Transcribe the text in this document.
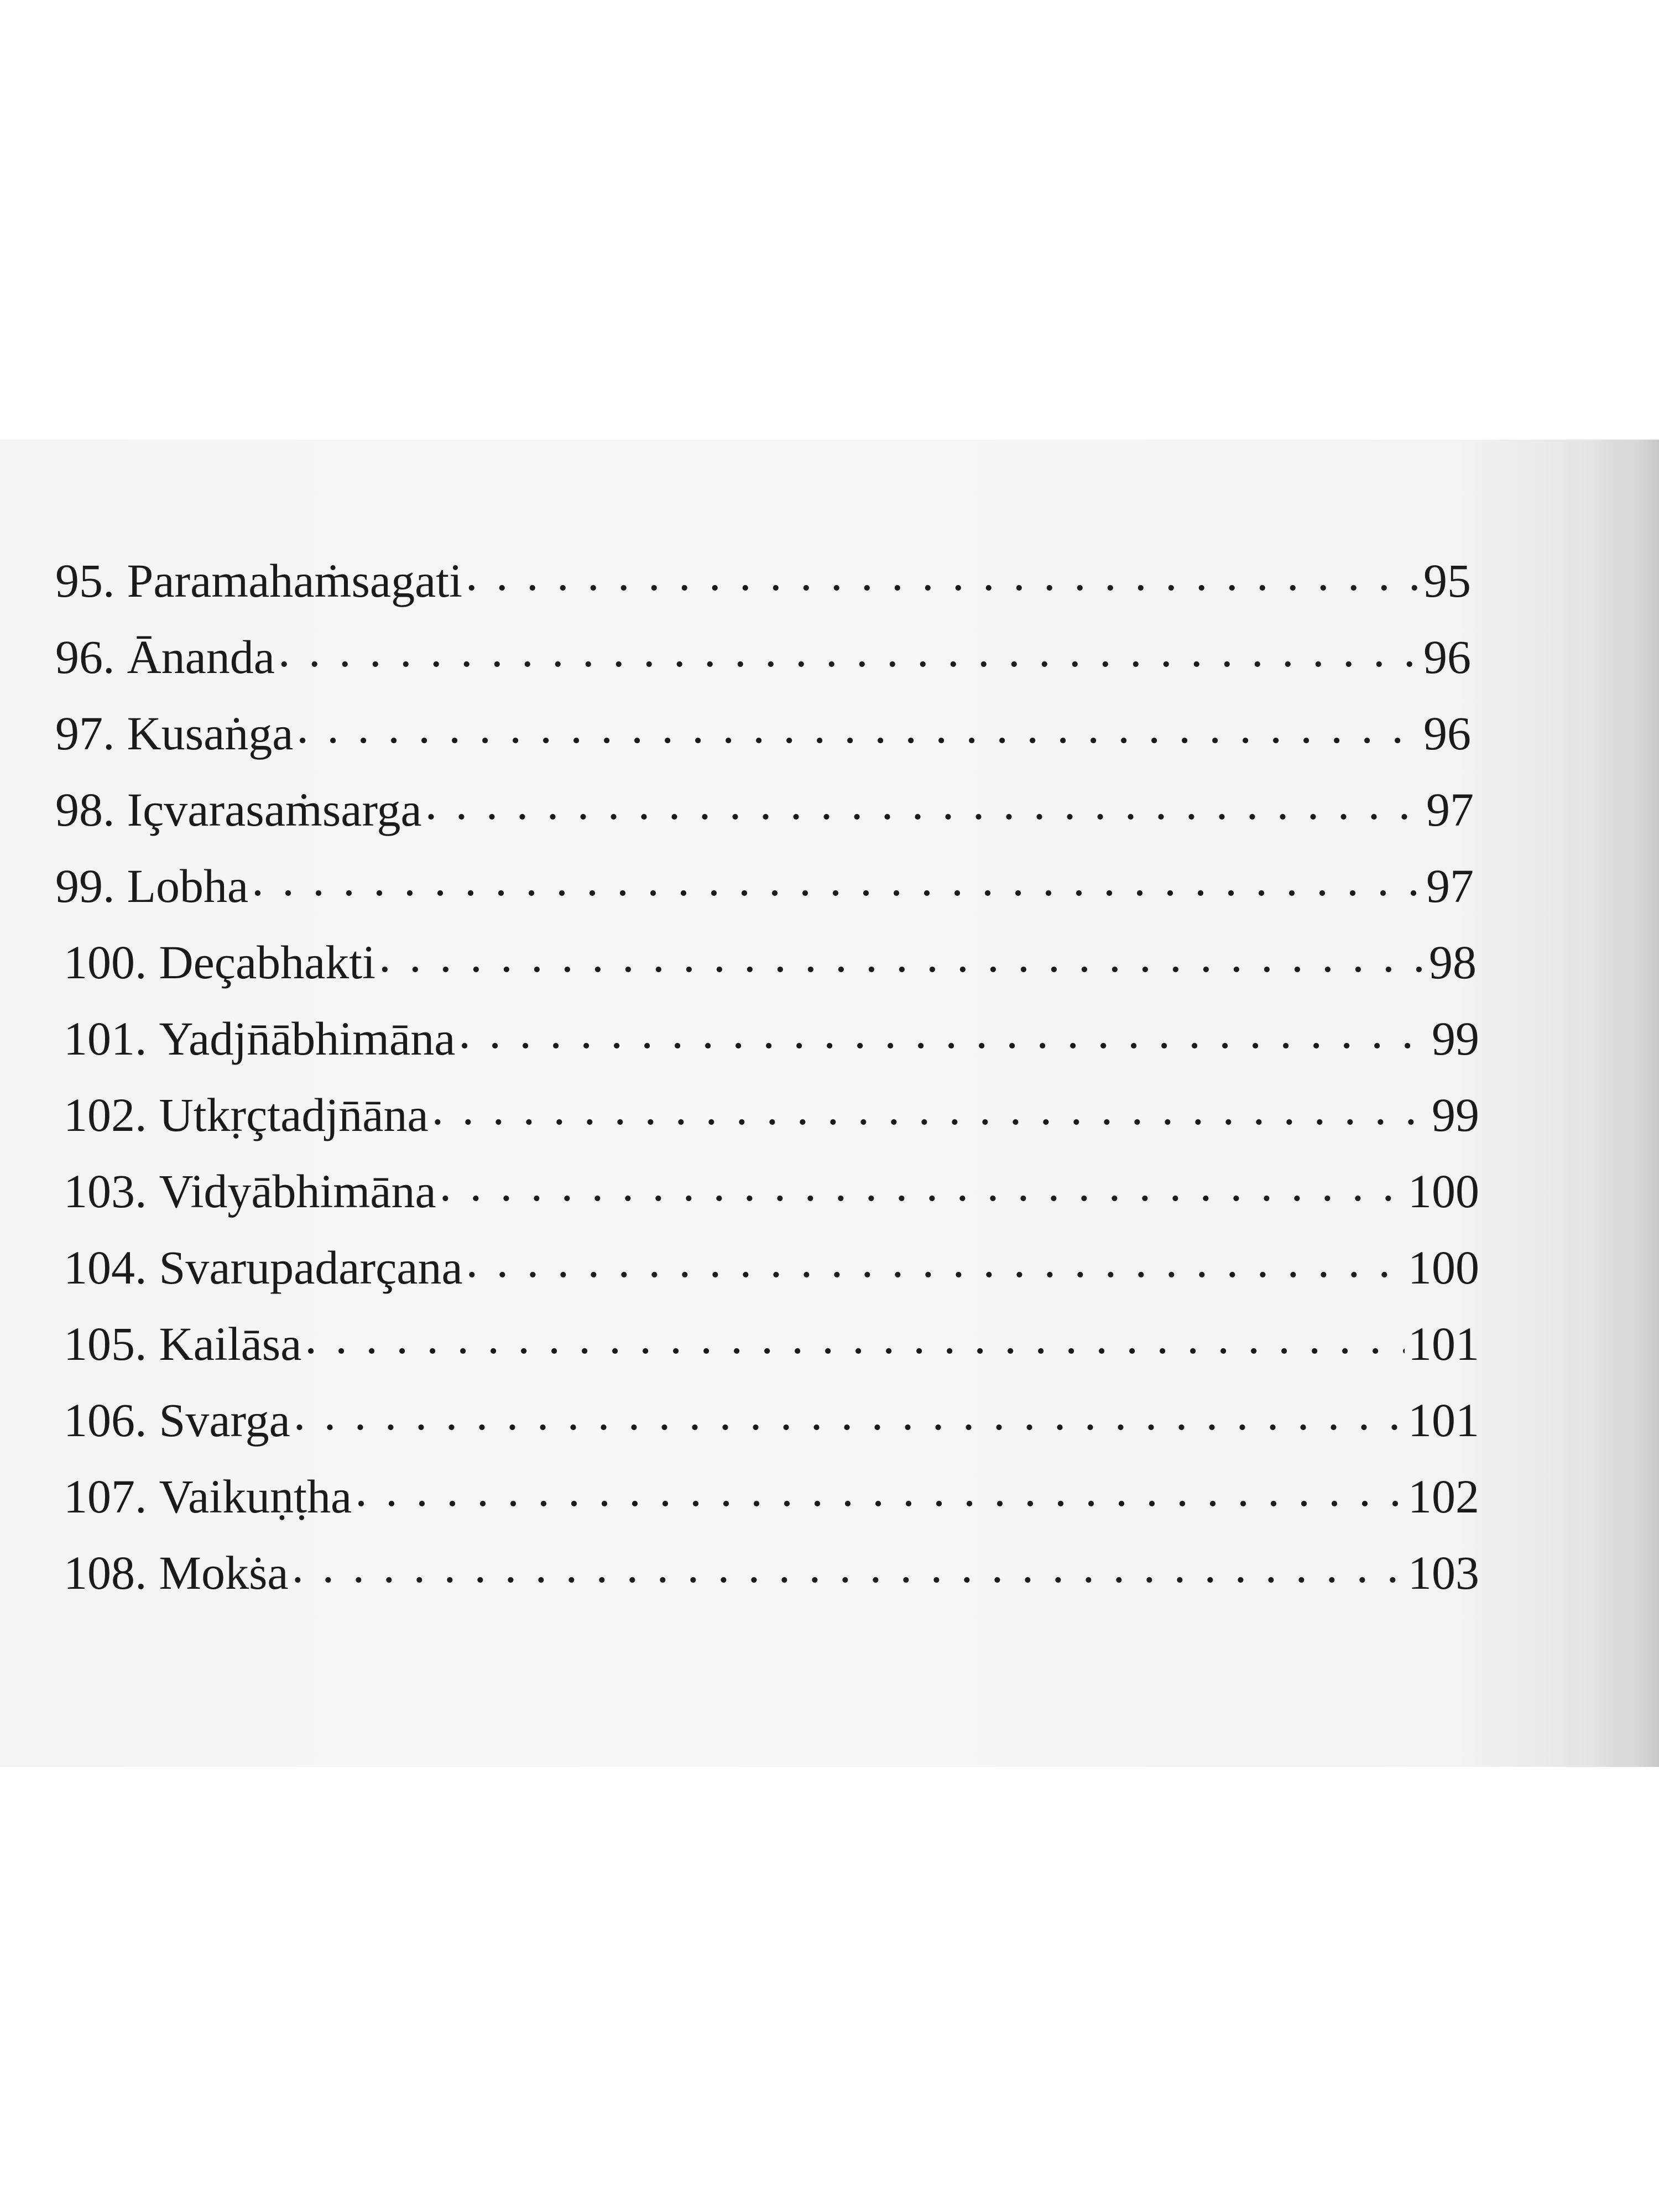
95. Paramahaṁsagati . . .	95
96. Ānanda . . .	96
97. Kusaṅga . . .	96
98. Içvarasaṁsarga . . .	97
99. Lobha . . .	97
100. Deçabhakti . . .	98
101. Yadjn̄ābhimāna . . .	99
102. Utkṛçtadjn̄āna . . .	99
103. Vidyābhimāna . . .	100
104. Svarupadarçana . . .	100
105. Kailāsa . . .	101
106. Svarga . . .	101
107. Vaikuṇṭha . . .	102
108. Mokṡa . . .	103
